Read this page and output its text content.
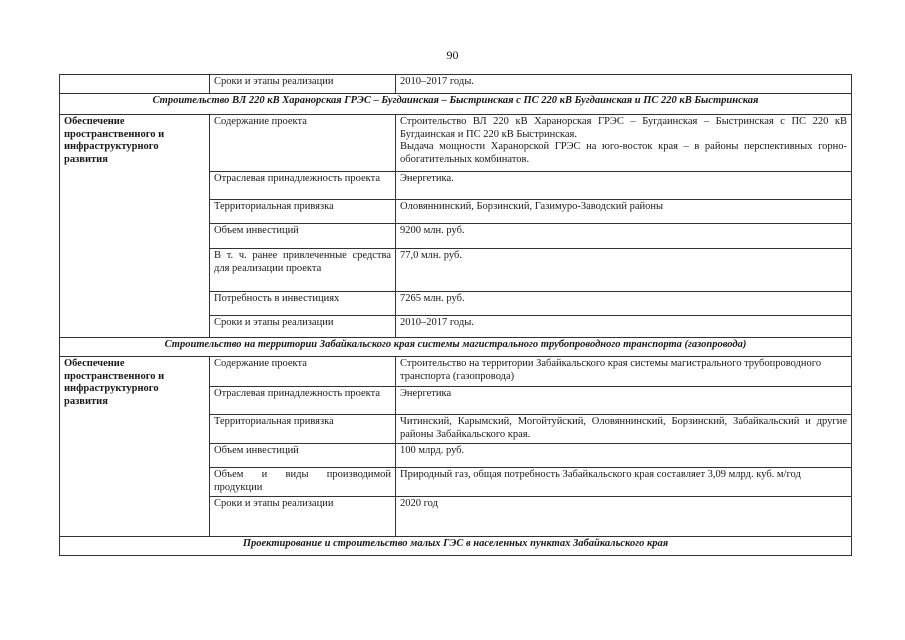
90
	Сроки и этапы реализации	2010–2017 годы.
Строительство ВЛ 220 кВ Харанорская ГРЭС – Бугдаинская – Быстринская с ПС 220 кВ Бугдаинская и ПС 220 кВ Быстринская		
Обеспечение пространственного и инфраструктурного развития	Содержание проекта	Строительство ВЛ 220 кВ Харанорская ГРЭС – Бугдаинская – Быстринская с ПС 220 кВ Бугдаинская и ПС 220 кВ Быстринская.
Выдача мощности Харанорской ГРЭС на юго-восток края – в районы перспективных горно-обогатительных комбинатов.

	Отраслевая принадлежность проекта	Энергетика.
	Территориальная привязка	Оловяннинский, Борзинский, Газимуро-Заводский районы
	Объем инвестиций	9200 млн. руб.
	В т. ч. ранее привлеченные средства для реализации проекта	77,0 млн. руб.
	Потребность в инвестициях	7265 млн. руб.
	Сроки и этапы реализации	2010–2017 годы.
Строительство на территории Забайкальского края системы магистрального трубопроводного транспорта (газопровода)		
Обеспечение пространственного и инфраструктурного развития	Содержание проекта	Строительство на территории Забайкальского края системы магистрального трубопроводного транспорта (газопровода)
	Отраслевая принадлежность проекта	Энергетика
	Территориальная привязка	Читинский, Карымский, Могойтуйский, Оловяннинский, Борзинский, Забайкальский и другие районы Забайкальского края.
	Объем инвестиций	100 млрд. руб.
	Объем и виды производимой продукции	Природный газ, общая потребность Забайкальского края составляет 3,09 млрд. куб. м/год
	Сроки и этапы реализации	2020 год
Проектирование и строительство малых ГЭС в населенных пунктах Забайкальского края		
